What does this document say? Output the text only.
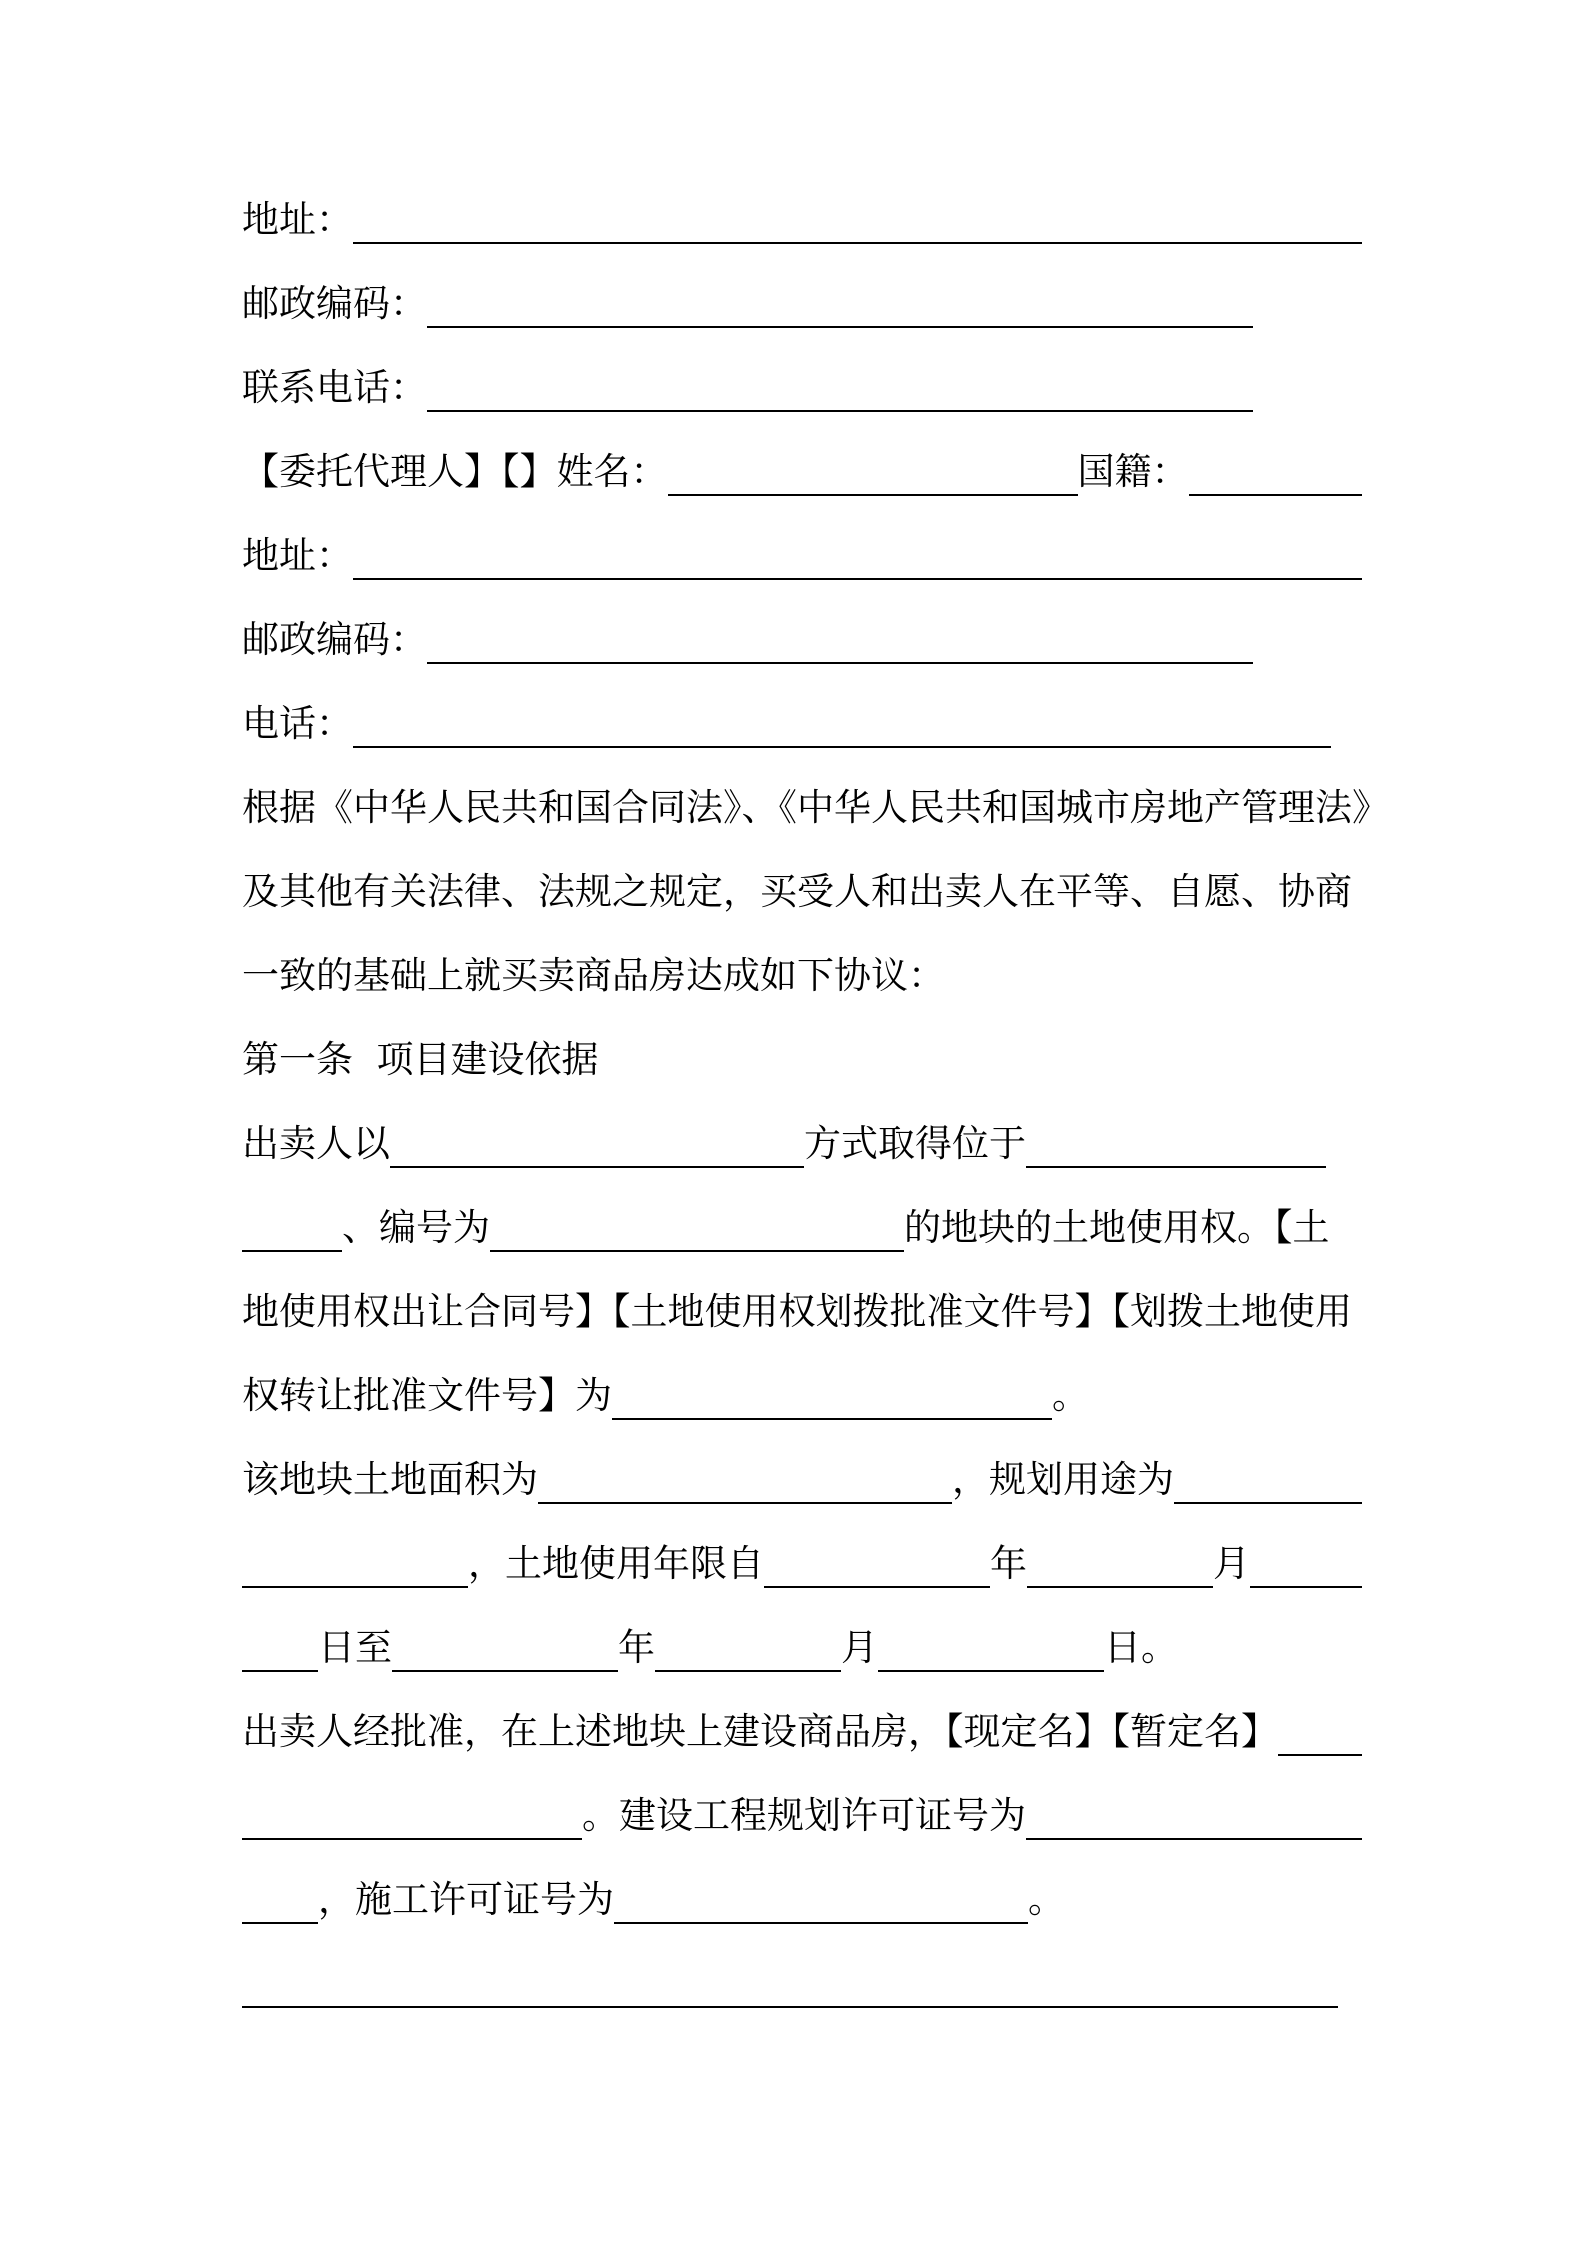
地址：
邮政编码：
联系电话：
【委托代理人】【】姓名：	国籍：
地址：
邮政编码：
电话：
根据《中华人民共和国合同法》、《中华人民共和国城市房地产管理法》
及其他有关法律、法规之规定，买受人和出卖人在平等、自愿、协商
一致的基础上就买卖商品房达成如下协议：
第一条  项目建设依据
出卖人以	方式取得位于
、编号为	的地块的土地使用权。【土
地使用权出让合同号】【土地使用权划拨批准文件号】【划拨土地使用
权转让批准文件号】为	。
该地块土地面积为	，规划用途为
，土地使用年限自	年	月
日至	年	月	日。
出卖人经批准，在上述地块上建设商品房，【现定名】【暂定名】
。建设工程规划许可证号为
，施工许可证号为	。
